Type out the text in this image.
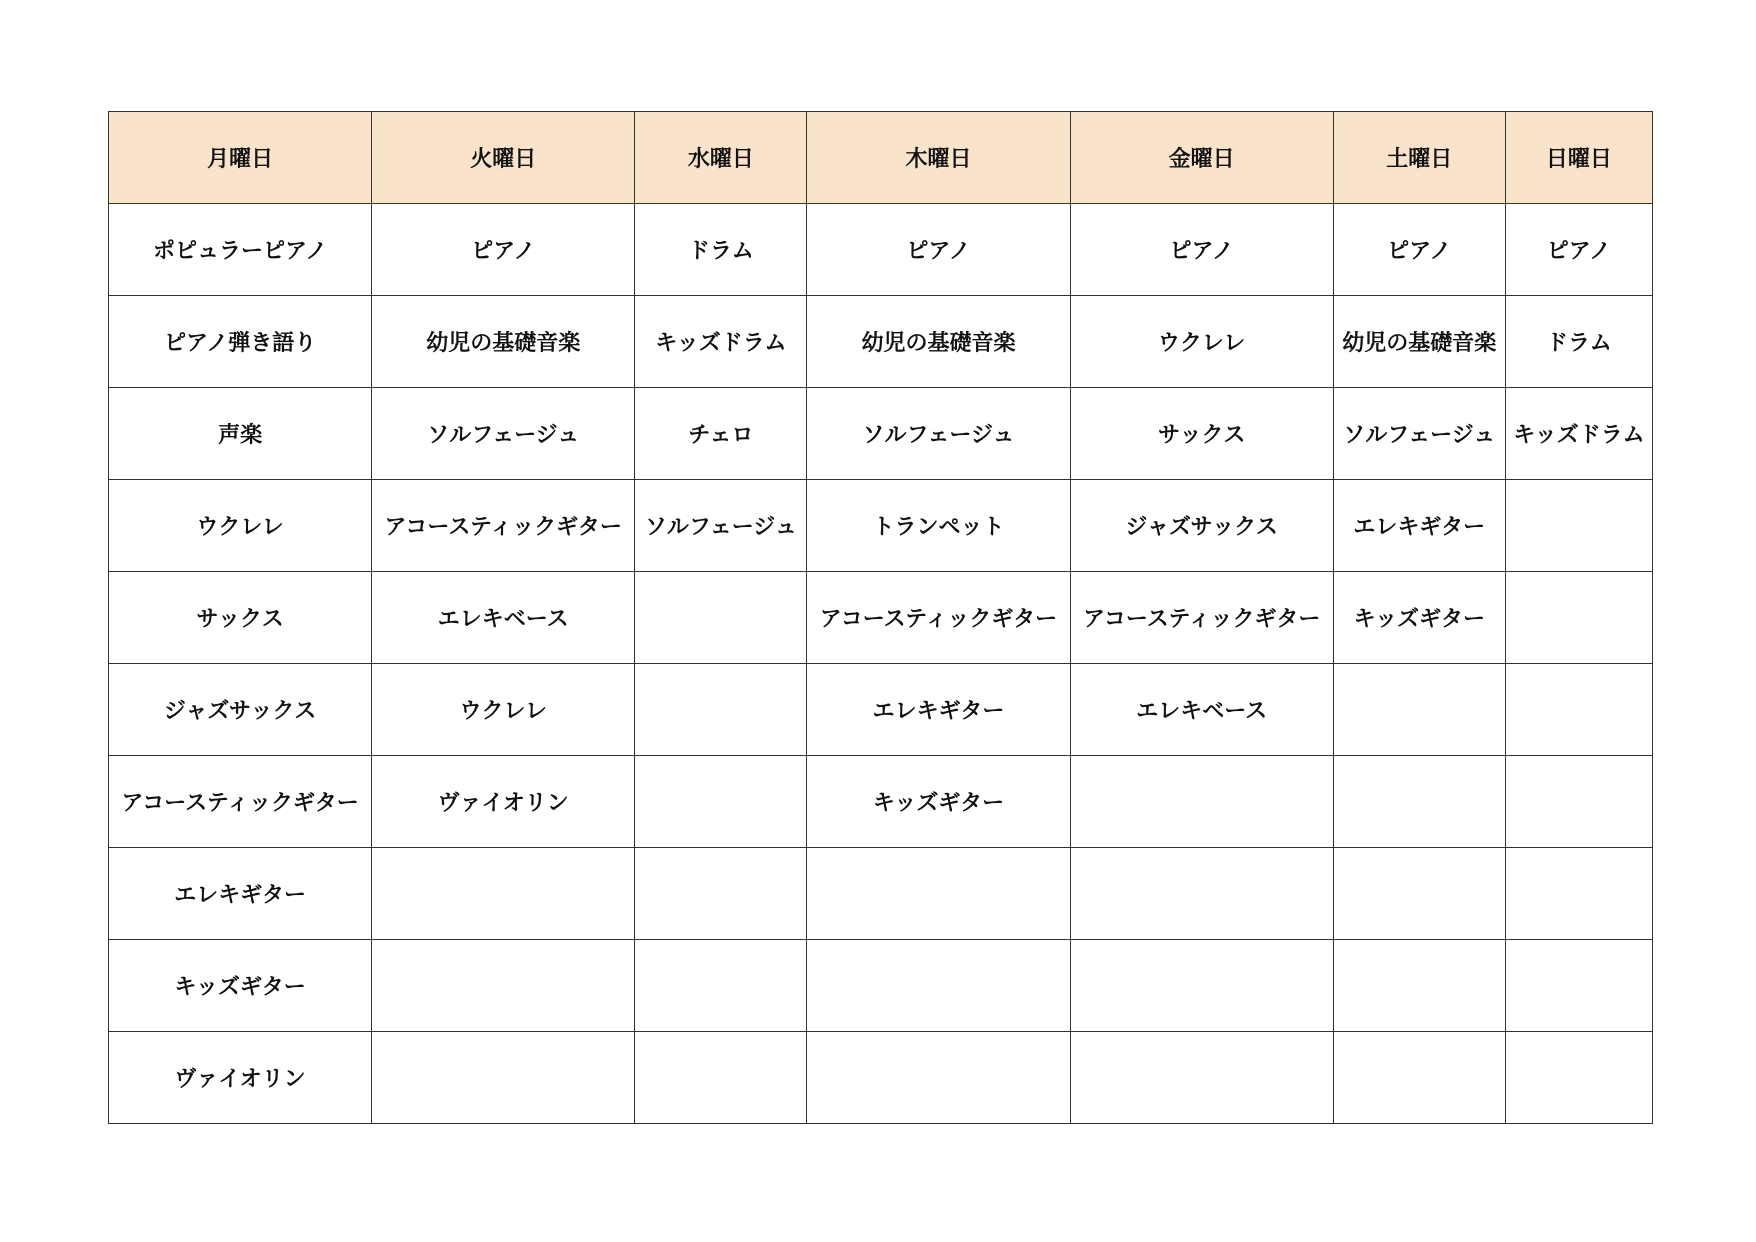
月曜日	火曜日	水曜日	木曜日	金曜日	土曜日	日曜日
ポピュラーピアノ	ピアノ	ドラム	ピアノ	ピアノ	ピアノ	ピアノ
ピアノ弾き語り	幼児の基礎音楽	キッズドラム	幼児の基礎音楽	ウクレレ	幼児の基礎音楽	ドラム
声楽	ソルフェージュ	チェロ	ソルフェージュ	サックス	ソルフェージュ	キッズドラム
ウクレレ	アコースティックギター	ソルフェージュ	トランペット	ジャズサックス	エレキギター	
サックス	エレキベース		アコースティックギター	アコースティックギター	キッズギター	
ジャズサックス	ウクレレ		エレキギター	エレキベース		
アコースティックギター	ヴァイオリン		キッズギター			
エレキギター						
キッズギター						
ヴァイオリン						
